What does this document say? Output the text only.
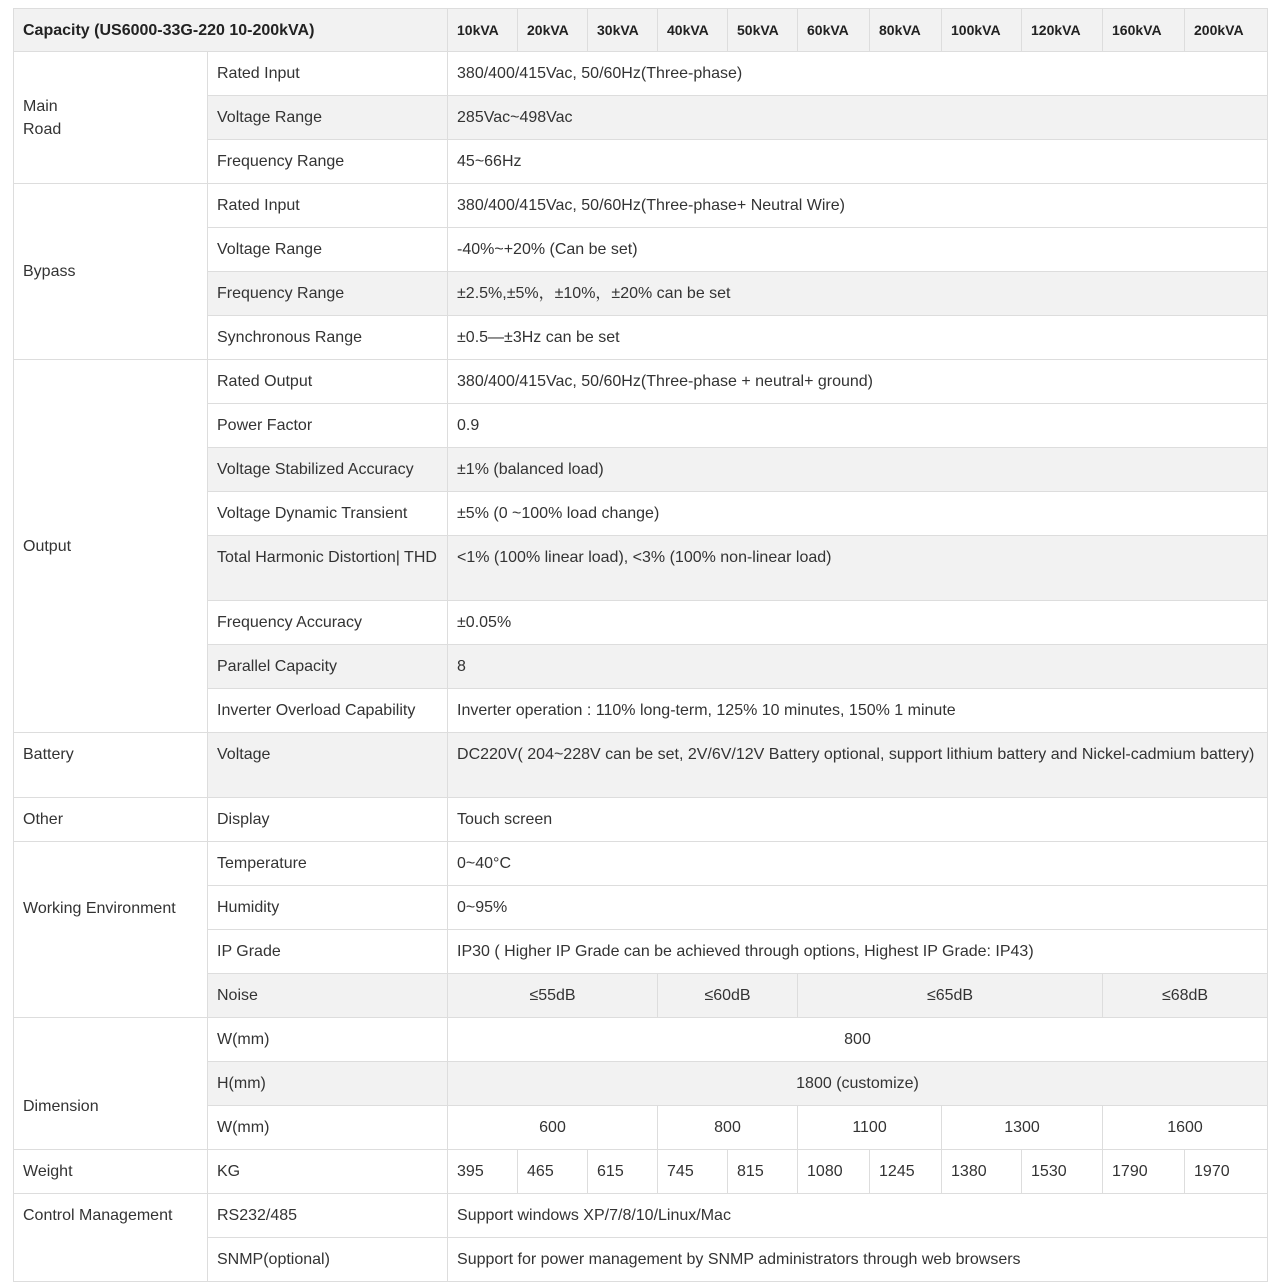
Capacity (US6000-33G-220 10-200kVA)		10kVA	20kVA	30kVA	40kVA	50kVA	60kVA	80kVA	100kVA	120kVA	160kVA	200kVA
Main
Road	Rated Input	380/400/415Vac, 50/60Hz(Three-phase)										
	Voltage Range	285Vac~498Vac										
	Frequency Range	45~66Hz										
Bypass	Rated Input	380/400/415Vac, 50/60Hz(Three-phase+ Neutral Wire)										
	Voltage Range	-40%~+20% (Can be set)										
	Frequency Range	±2.5%,±5%，±10%，±20% can be set										
	Synchronous Range	±0.5—±3Hz can be set										
Output	Rated Output	380/400/415Vac, 50/60Hz(Three-phase + neutral+ ground)										
	Power Factor	0.9										
	Voltage Stabilized Accuracy	±1% (balanced load)										
	Voltage Dynamic Transient	±5% (0 ~100% load change)										
	Total Harmonic Distortion| THD	<1% (100% linear load), <3% (100% non-linear load)										
	Frequency Accuracy	±0.05%										
	Parallel Capacity	8										
	Inverter Overload Capability	Inverter operation : 110% long-term, 125% 10 minutes, 150% 1 minute										
Battery	Voltage	DC220V( 204~228V can be set, 2V/6V/12V Battery optional, support lithium battery and Nickel-cadmium battery)										
Other	Display	Touch screen										
Working Environment	Temperature	0~40°C										
	Humidity	0~95%										
	IP Grade	IP30 ( Higher IP Grade can be achieved through options, Highest IP Grade: IP43)										
	Noise	≤55dB			≤60dB		≤65dB				≤68dB	
Dimension	W(mm)	800										
	H(mm)	1800 (customize)										
	W(mm)	600			800		1100		1300		1600	
Weight	KG	395	465	615	745	815	1080	1245	1380	1530	1790	1970
Control Management	RS232/485	Support windows XP/7/8/10/Linux/Mac										
	SNMP(optional)	Support for power management by SNMP administrators through web browsers										
